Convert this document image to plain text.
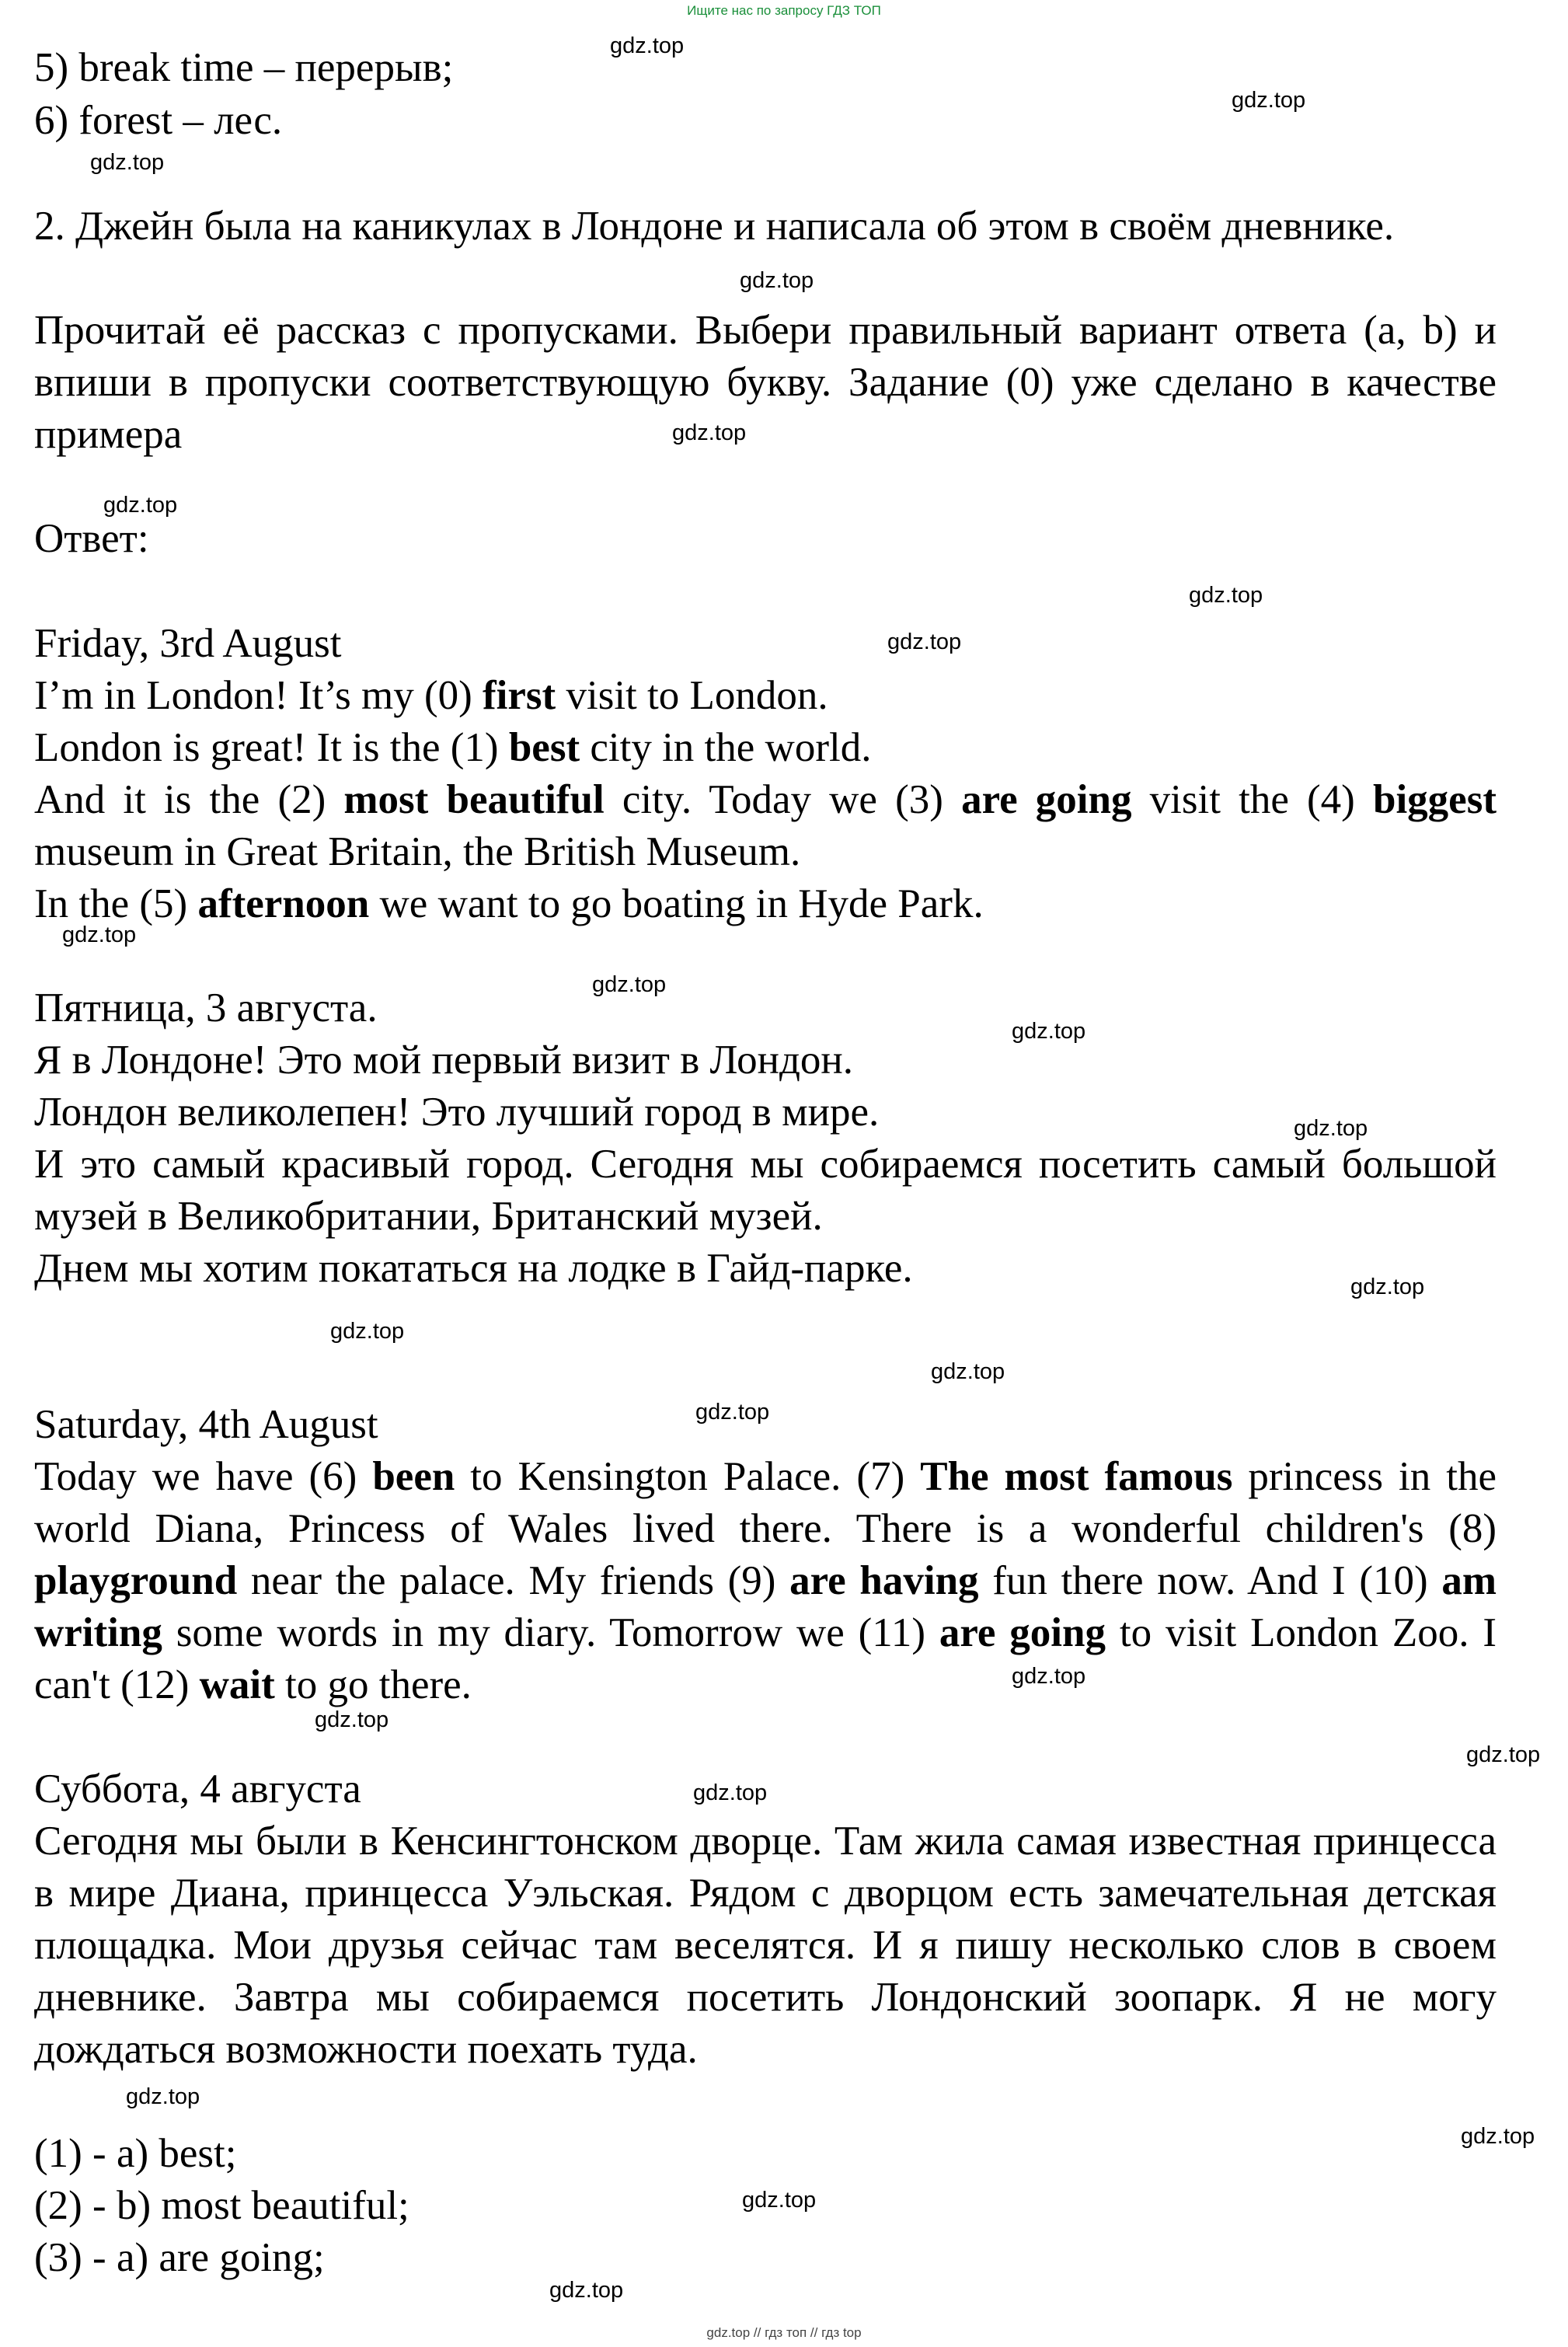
Ищите нас по запросу ГДЗ ТОП
gdz.top
gdz.top
gdz.top
gdz.top
gdz.top
gdz.top
gdz.top
gdz.top
gdz.top
gdz.top
gdz.top
gdz.top
gdz.top
gdz.top
gdz.top
gdz.top
gdz.top
gdz.top
gdz.top
gdz.top
gdz.top
gdz.top
gdz.top
gdz.top
5) break time – перерыв;
6) forest – лес.
2. Джейн была на каникулах в Лондоне и написала об этом в своём дневнике.
Прочитай её рассказ с пропусками. Выбери правильный вариант ответа (a, b) и впиши в пропуски соответствующую букву. Задание (0) уже сделано в качестве примера
Ответ:
Friday, 3rd August
I’m in London! It’s my (0) first visit to London.
London is great! It is the (1) best city in the world.
And it is the (2) most beautiful city. Today we (3) are going visit the (4) biggest museum in Great Britain, the British Museum.
In the (5) afternoon we want to go boating in Hyde Park.
Пятница, 3 августа.
Я в Лондоне! Это мой первый визит в Лондон.
Лондон великолепен! Это лучший город в мире.
И это самый красивый город. Сегодня мы собираемся посетить самый большой музей в Великобритании, Британский музей.
Днем мы хотим покататься на лодке в Гайд-парке.
Saturday, 4th August
Today we have (6) been to Kensington Palace. (7) The most famous princess in the world Diana, Princess of Wales lived there. There is a wonderful children's (8) playground near the palace. My friends (9) are having fun there now. And I (10) am writing some words in my diary. Tomorrow we (11) are going to visit London Zoo. I can't (12) wait to go there.
Суббота, 4 августа
Сегодня мы были в Кенсингтонском дворце. Там жила самая известная принцесса в мире Диана, принцесса Уэльская. Рядом с дворцом есть замечательная детская площадка. Мои друзья сейчас там веселятся. И я пишу несколько слов в своем дневнике. Завтра мы собираемся посетить Лондонский зоопарк. Я не могу дождаться возможности поехать туда.
(1) - a) best;
(2) - b) most beautiful;
(3) - a) are going;
gdz.top // гдз топ // гдз top
